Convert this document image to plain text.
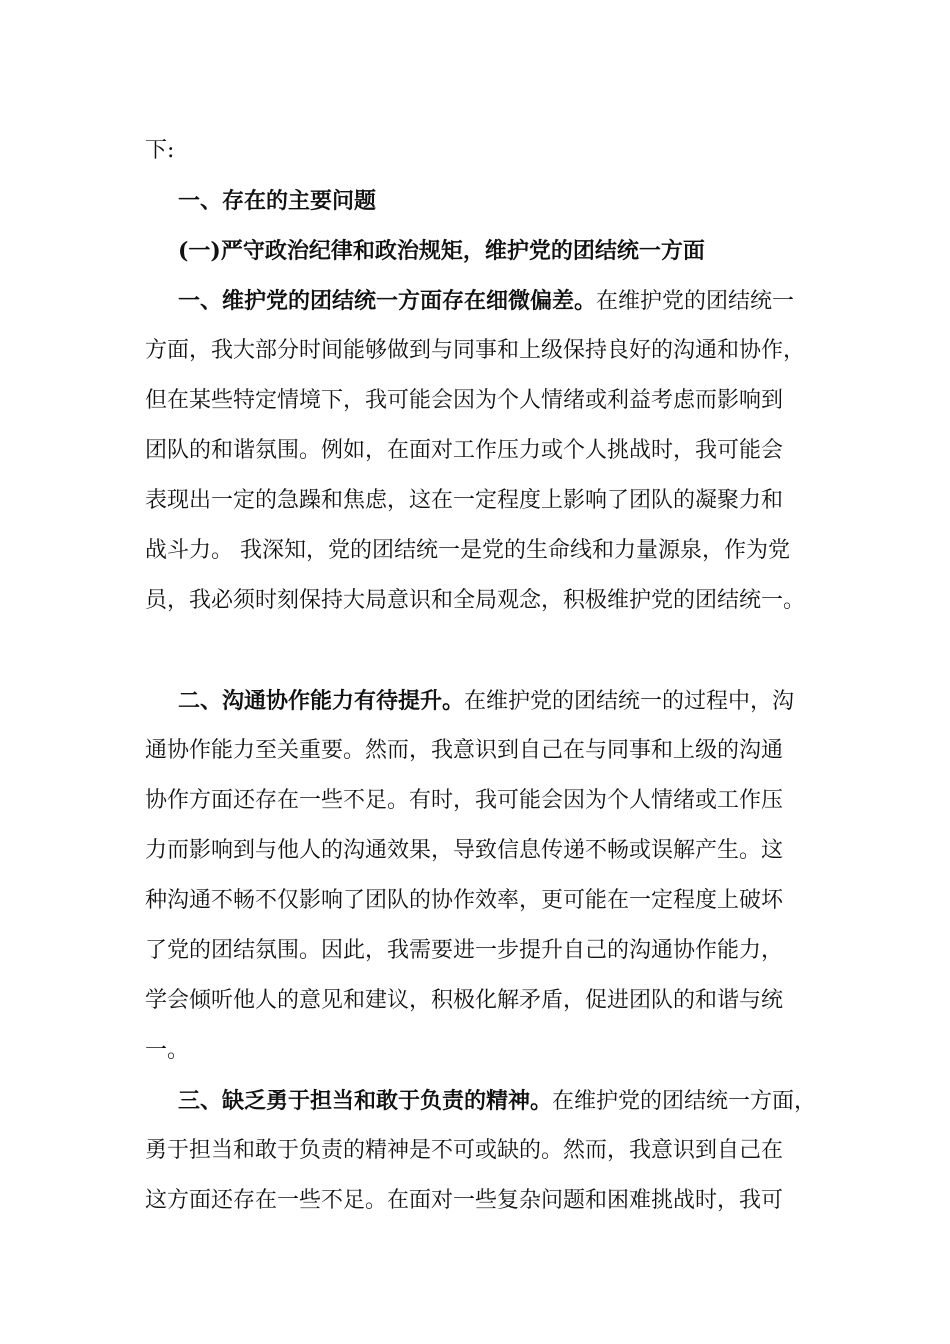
下:
一、存在的主要问题
(一)严守政治纪律和政治规矩，维护党的团结统一方面
一、维护党的团结统一方面存在细微偏差。在维护党的团结统一
方面，我大部分时间能够做到与同事和上级保持良好的沟通和协作，
但在某些特定情境下，我可能会因为个人情绪或利益考虑而影响到
团队的和谐氛围。例如，在面对工作压力或个人挑战时，我可能会
表现出一定的急躁和焦虑，这在一定程度上影响了团队的凝聚力和
战斗力。 我深知，党的团结统一是党的生命线和力量源泉，作为党
员，我必须时刻保持大局意识和全局观念，积极维护党的团结统一。
二、沟通协作能力有待提升。在维护党的团结统一的过程中，沟
通协作能力至关重要。然而，我意识到自己在与同事和上级的沟通
协作方面还存在一些不足。有时，我可能会因为个人情绪或工作压
力而影响到与他人的沟通效果，导致信息传递不畅或误解产生。这
种沟通不畅不仅影响了团队的协作效率，更可能在一定程度上破坏
了党的团结氛围。因此，我需要进一步提升自己的沟通协作能力，
学会倾听他人的意见和建议，积极化解矛盾，促进团队的和谐与统
一。
三、缺乏勇于担当和敢于负责的精神。在维护党的团结统一方面，
勇于担当和敢于负责的精神是不可或缺的。然而，我意识到自己在
这方面还存在一些不足。在面对一些复杂问题和困难挑战时，我可
